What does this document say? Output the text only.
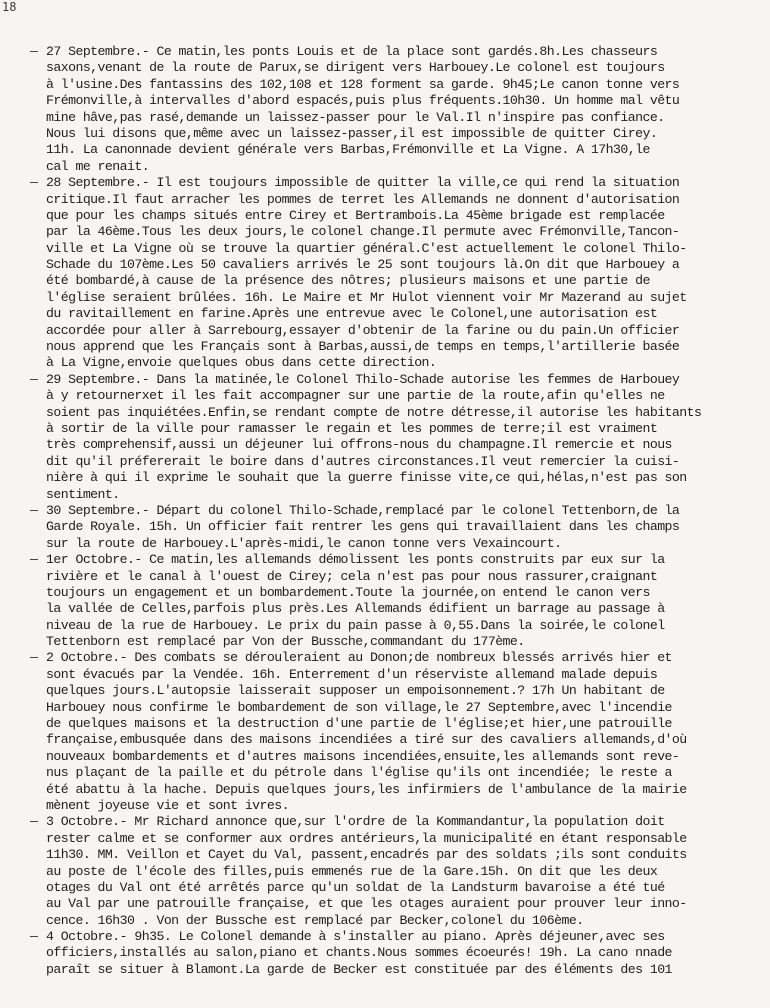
18
— 27 Septembre.- Ce matin,les ponts Louis et de la place sont gardés.8h.Les chasseurs
saxons,venant de la route de Parux,se dirigent vers Harbouey.Le colonel est toujours
à l'usine.Des fantassins des 102,108 et 128 forment sa garde. 9h45;Le canon tonne vers
Frémonville,à intervalles d'abord espacés,puis plus fréquents.10h30. Un homme mal vêtu
mine hâve,pas rasé,demande un laissez-passer pour le Val.Il n'inspire pas confiance.
Nous lui disons que,même avec un laissez-passer,il est impossible de quitter Cirey.
11h. La canonnade devient générale vers Barbas,Frémonville et La Vigne. A 17h30,le
cal me renait.
— 28 Septembre.- Il est toujours impossible de quitter la ville,ce qui rend la situation
critique.Il faut arracher les pommes de terret les Allemands ne donnent d'autorisation
que pour les champs situés entre Cirey et Bertrambois.La 45ème brigade est remplacée
par la 46ème.Tous les deux jours,le colonel change.Il permute avec Frémonville,Tancon-
ville et La Vigne où se trouve la quartier général.C'est actuellement le colonel Thilo-
Schade du 107ème.Les 50 cavaliers arrivés le 25 sont toujours là.On dit que Harbouey a
été bombardé,à cause de la présence des nôtres; plusieurs maisons et une partie de
l'église seraient brûlées. 16h. Le Maire et Mr Hulot viennent voir Mr Mazerand au sujet
du ravitaillement en farine.Après une entrevue avec le Colonel,une autorisation est
accordée pour aller à Sarrebourg,essayer d'obtenir de la farine ou du pain.Un officier
nous apprend que les Français sont à Barbas,aussi,de temps en temps,l'artillerie basée
à La Vigne,envoie quelques obus dans cette direction.
— 29 Septembre.- Dans la matinée,le Colonel Thilo-Schade autorise les femmes de Harbouey
à y retournerxet il les fait accompagner sur une partie de la route,afin qu'elles ne
soient pas inquiétées.Enfin,se rendant compte de notre détresse,il autorise les habitants
à sortir de la ville pour ramasser le regain et les pommes de terre;il est vraiment
très comprehensif,aussi un déjeuner lui offrons-nous du champagne.Il remercie et nous
dit qu'il préfererait le boire dans d'autres circonstances.Il veut remercier la cuisi-
nière à qui il exprime le souhait que la guerre finisse vite,ce qui,hélas,n'est pas son
sentiment.
— 30 Septembre.- Départ du colonel Thilo-Schade,remplacé par le colonel Tettenborn,de la
Garde Royale. 15h. Un officier fait rentrer les gens qui travaillaient dans les champs
sur la route de Harbouey.L'après-midi,le canon tonne vers Vexaincourt.
— 1er Octobre.- Ce matin,les allemands démolissent les ponts construits par eux sur la
rivière et le canal à l'ouest de Cirey; cela n'est pas pour nous rassurer,craignant
toujours un engagement et un bombardement.Toute la journée,on entend le canon vers
la vallée de Celles,parfois plus près.Les Allemands édifient un barrage au passage à
niveau de la rue de Harbouey. Le prix du pain passe à 0,55.Dans la soirée,le colonel
Tettenborn est remplacé par Von der Bussche,commandant du 177ème.
— 2 Octobre.- Des combats se dérouleraient au Donon;de nombreux blessés arrivés hier et
sont évacués par la Vendée. 16h. Enterrement d'un réserviste allemand malade depuis
quelques jours.L'autopsie laisserait supposer un empoisonnement.? 17h Un habitant de
Harbouey nous confirme le bombardement de son village,le 27 Septembre,avec l'incendie
de quelques maisons et la destruction d'une partie de l'église;et hier,une patrouille
française,embusquée dans des maisons incendiées a tiré sur des cavaliers allemands,d'où
nouveaux bombardements et d'autres maisons incendiées,ensuite,les allemands sont reve-
nus plaçant de la paille et du pétrole dans l'église qu'ils ont incendiée; le reste a
été abattu à la hache. Depuis quelques jours,les infirmiers de l'ambulance de la mairie
mènent joyeuse vie et sont ivres.
— 3 Octobre.- Mr Richard annonce que,sur l'ordre de la Kommandantur,la population doit
rester calme et se conformer aux ordres antérieurs,la municipalité en étant responsable
11h30. MM. Veillon et Cayet du Val, passent,encadrés par des soldats ;ils sont conduits
au poste de l'école des filles,puis emmenés rue de la Gare.15h. On dit que les deux
otages du Val ont été arrêtés parce qu'un soldat de la Landsturm bavaroise a été tué
au Val par une patrouille française, et que les otages auraient pour prouver leur inno-
cence. 16h30 . Von der Bussche est remplacé par Becker,colonel du 106ème.
— 4 Octobre.- 9h35. Le Colonel demande à s'installer au piano. Après déjeuner,avec ses
officiers,installés au salon,piano et chants.Nous sommes écoeurés! 19h. La cano nnade
paraît se situer à Blamont.La garde de Becker est constituée par des éléments des 101
